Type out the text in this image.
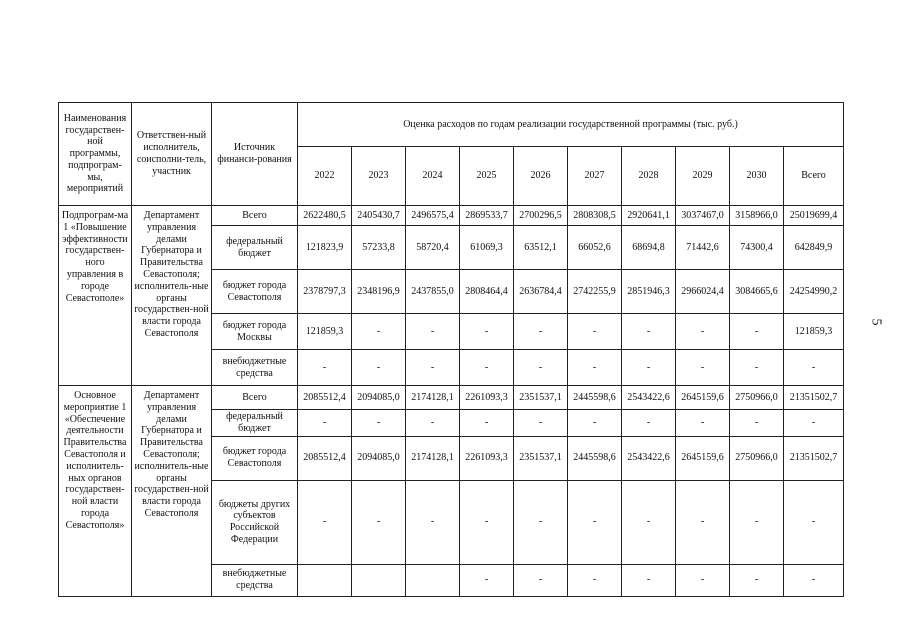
Наименования государствен-ной программы, подпрограм-мы, мероприятий	Ответствен-ный исполнитель, соисполни-тель, участник	Источник финанси-рования	Оценка расходов по годам реализации государственной программы (тыс. руб.)									
			2022	2023	2024	2025	2026	2027	2028	2029	2030	Всего
Подпрограм-ма 1 «Повышение эффективности государствен-ного управления в городе Севастополе»	Департамент управления делами Губернатора и Правительства Севастополя; исполнитель-ные органы государствен-ной власти города Севастополя	Всего	2622480,5	2405430,7	2496575,4	2869533,7	2700296,5	2808308,5	2920641,1	3037467,0	3158966,0	25019699,4
		федеральный бюджет	121823,9	57233,8	58720,4	61069,3	63512,1	66052,6	68694,8	71442,6	74300,4	642849,9
		бюджет города Севастополя	2378797,3	2348196,9	2437855,0	2808464,4	2636784,4	2742255,9	2851946,3	2966024,4	3084665,6	24254990,2
		бюджет города Москвы	121859,3	-	-	-	-	-	-	-	-	121859,3
		внебюджетные средства	-	-	-	-	-	-	-	-	-	-
Основное мероприятие 1 «Обеспечение деятельности Правительства Севастополя и исполнитель-ных органов государствен-ной власти города Севастополя»	Департамент управления делами Губернатора и Правительства Севастополя; исполнитель-ные органы государствен-ной власти города Севастополя	Всего	2085512,4	2094085,0	2174128,1	2261093,3	2351537,1	2445598,6	2543422,6	2645159,6	2750966,0	21351502,7
		федеральный бюджет	-	-	-	-	-	-	-	-	-	-
		бюджет города Севастополя	2085512,4	2094085,0	2174128,1	2261093,3	2351537,1	2445598,6	2543422,6	2645159,6	2750966,0	21351502,7
		бюджеты других субъектов Российской Федерации	-	-	-	-	-	-	-	-	-	-
		внебюджетные средства				-	-	-	-	-	-	-
5
